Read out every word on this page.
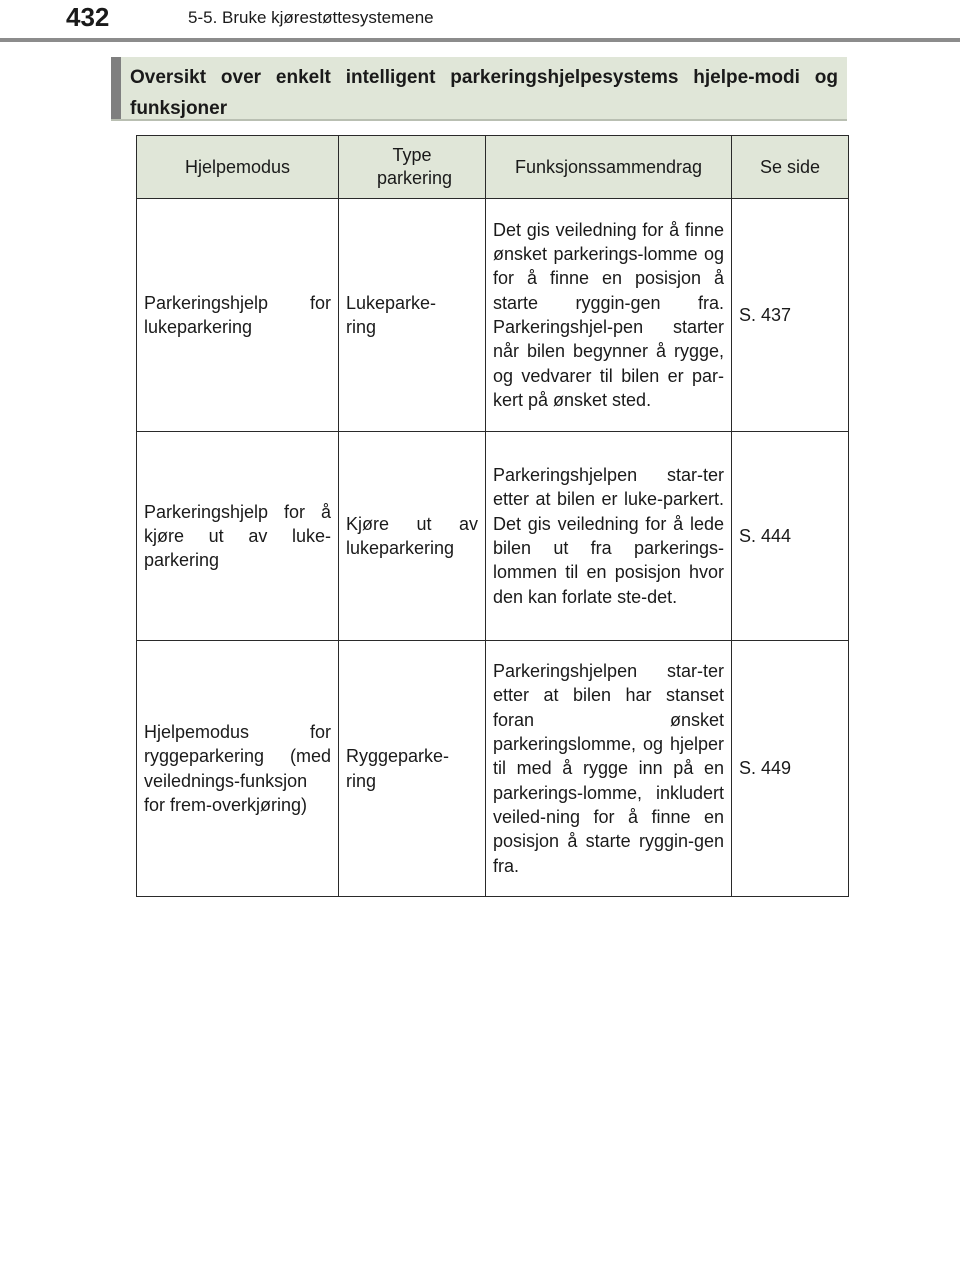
432	5-5. Bruke kjørestøttesystemene
Oversikt over enkelt intelligent parkeringshjelpesystems hjelpe-modi og funksjoner
Hjelpemodus	Type parkering	Funksjonssammendrag	Se side

Parkeringshjelp for lukeparkering	Lukeparke-ring	Det gis veiledning for å finne ønsket parkerings-lomme og for å finne en posisjon å starte ryggin-gen fra. Parkeringshjel-pen starter når bilen begynner å rygge, og vedvarer til bilen er par-kert på ønsket sted.	S. 437

Parkeringshjelp for å kjøre ut av luke-parkering	Kjøre ut av lukeparkering	Parkeringshjelpen star-ter etter at bilen er luke-parkert. Det gis veiledning for å lede bilen ut fra parkerings-lommen til en posisjon hvor den kan forlate ste-det.	S. 444

Hjelpemodus for ryggeparkering (med veilednings-funksjon for frem-overkjøring)	Ryggeparke-ring	Parkeringshjelpen star-ter etter at bilen har stanset foran ønsket parkeringslomme, og hjelper til med å rygge inn på en parkerings-lomme, inkludert veiled-ning for å finne en posisjon å starte ryggin-gen fra.	S. 449
